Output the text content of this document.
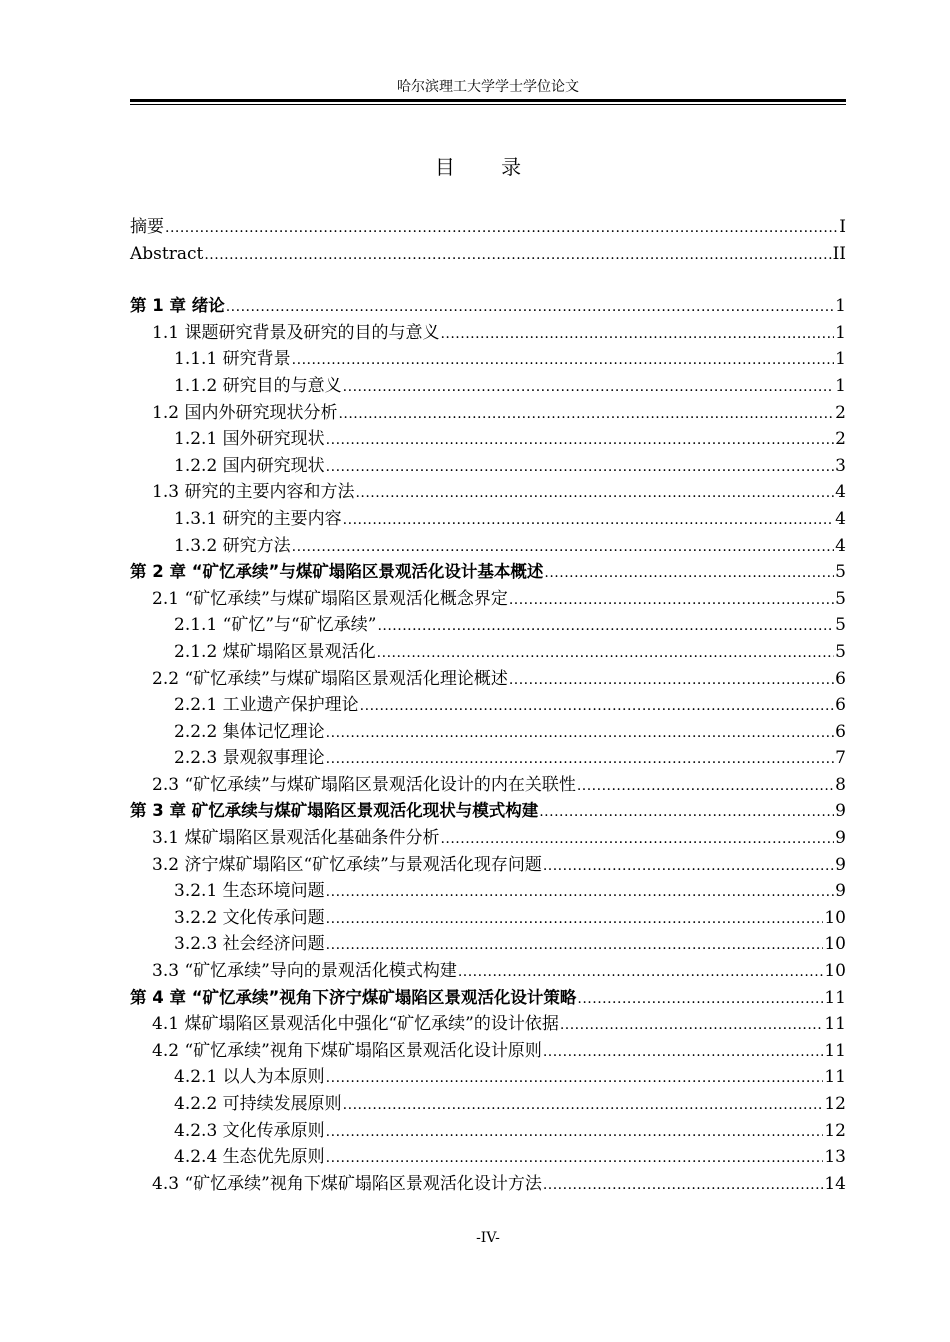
哈尔滨理工大学学士学位论文
目 录
摘要 .....	I
Abstract .....	II
第 1 章 绪论 .....	1
1.1 课题研究背景及研究的目的与意义 .....	1
1.1.1 研究背景 .....	1
1.1.2 研究目的与意义 .....	1
1.2 国内外研究现状分析 .....	2
1.2.1 国外研究现状 .....	2
1.2.2 国内研究现状 .....	3
1.3 研究的主要内容和方法 .....	4
1.3.1 研究的主要内容 .....	4
1.3.2 研究方法 .....	4
第 2 章 “矿忆承续”与煤矿塌陷区景观活化设计基本概述 .....	5
2.1 “矿忆承续”与煤矿塌陷区景观活化概念界定 .....	5
2.1.1 “矿忆”与“矿忆承续” .....	5
2.1.2 煤矿塌陷区景观活化 .....	5
2.2 “矿忆承续”与煤矿塌陷区景观活化理论概述 .....	6
2.2.1 工业遗产保护理论 .....	6
2.2.2 集体记忆理论 .....	6
2.2.3 景观叙事理论 .....	7
2.3 “矿忆承续”与煤矿塌陷区景观活化设计的内在关联性 .....	8
第 3 章 矿忆承续与煤矿塌陷区景观活化现状与模式构建 .....	9
3.1 煤矿塌陷区景观活化基础条件分析 .....	9
3.2 济宁煤矿塌陷区“矿忆承续”与景观活化现存问题 .....	9
3.2.1 生态环境问题 .....	9
3.2.2 文化传承问题 .....	10
3.2.3 社会经济问题 .....	10
3.3 “矿忆承续”导向的景观活化模式构建 .....	10
第 4 章 “矿忆承续”视角下济宁煤矿塌陷区景观活化设计策略 .....	11
4.1 煤矿塌陷区景观活化中强化“矿忆承续”的设计依据 .....	11
4.2 “矿忆承续”视角下煤矿塌陷区景观活化设计原则 .....	11
4.2.1 以人为本原则 .....	11
4.2.2 可持续发展原则 .....	12
4.2.3 文化传承原则 .....	12
4.2.4 生态优先原则 .....	13
4.3 “矿忆承续”视角下煤矿塌陷区景观活化设计方法 .....	14
-IV-
